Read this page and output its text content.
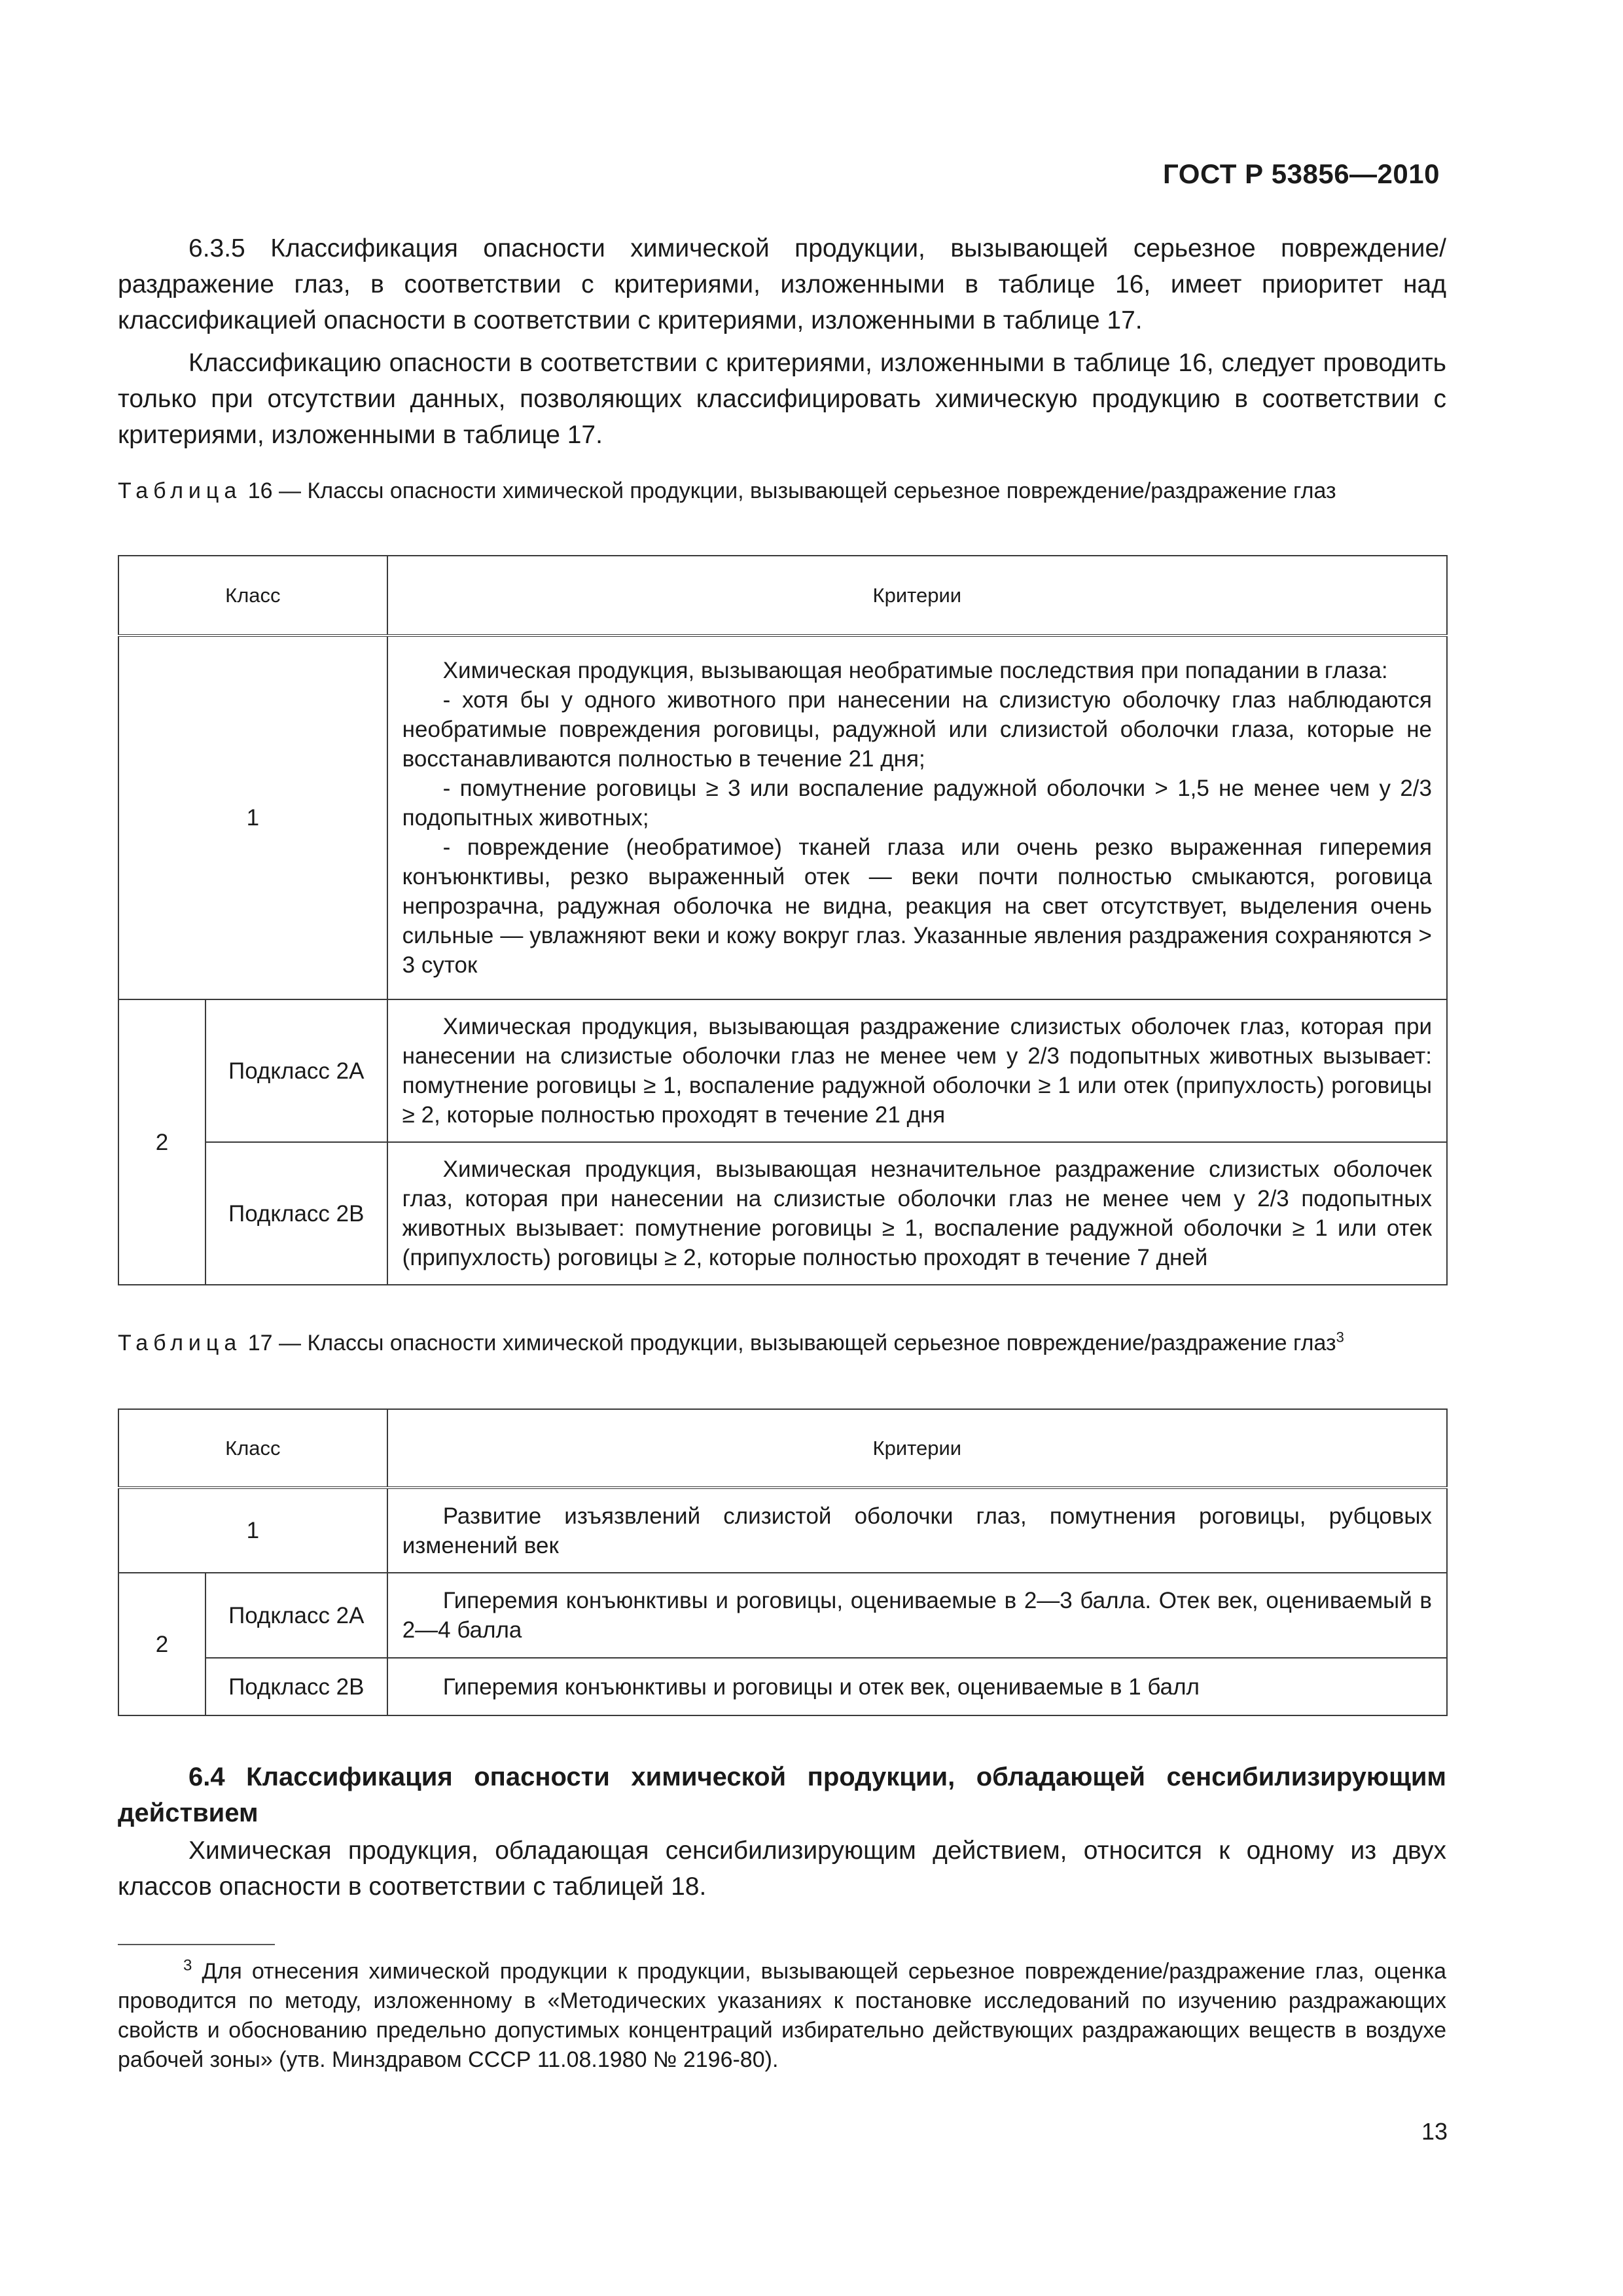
ГОСТ Р 53856—2010

6.3.5 Классификация опасности химической продукции, вызывающей серьезное повреждение/раздражение глаз, в соответствии с критериями, изложенными в таблице 16, имеет приоритет над классификацией опасности в соответствии с критериями, изложенными в таблице 17.

Классификацию опасности в соответствии с критериями, изложенными в таблице 16, следует проводить только при отсутствии данных, позволяющих классифицировать химическую продукцию в соответствии с критериями, изложенными в таблице 17.

Таблица 16 — Классы опасности химической продукции, вызывающей серьезное повреждение/раздражение глаз
Класс		Критерии
1		Химическая продукция, вызывающая необратимые последствия при попадании в глаза:

- хотя бы у одного животного при нанесении на слизистую оболочку глаз наблюдаются необратимые повреждения роговицы, радужной или слизистой оболочки глаза, которые не восстанавливаются полностью в течение 21 дня;

- помутнение роговицы ≥ 3 или воспаление радужной оболочки > 1,5 не менее чем у 2/3 подопытных животных;

- повреждение (необратимое) тканей глаза или очень резко выраженная гиперемия конъюнктивы, резко выраженный отек — веки почти полностью смыкаются, роговица непрозрачна, радужная оболочка не видна, реакция на свет отсутствует, выделения очень сильные — увлажняют веки и кожу вокруг глаз. Указанные явления раздражения сохраняются > 3 суток

2	Подкласс 2А	Химическая продукция, вызывающая раздражение слизистых оболочек глаз, которая при нанесении на слизистые оболочки глаз не менее чем у 2/3 подопытных животных вызывает: помутнение роговицы ≥ 1, воспаление радужной оболочки ≥ 1 или отек (припухлость) роговицы ≥ 2, которые полностью проходят в течение 21 дня

	Подкласс 2В	Химическая продукция, вызывающая незначительное раздражение слизистых оболочек глаз, которая при нанесении на слизистые оболочки глаз не менее чем у 2/3 подопытных животных вызывает: помутнение роговицы ≥ 1, воспаление радужной оболочки ≥ 1 или отек (припухлость) роговицы ≥ 2, которые полностью проходят в течение 7 дней

Таблица 17 — Классы опасности химической продукции, вызывающей серьезное повреждение/раздражение глаз$^3$
Класс		Критерии
1		Развитие изъязвлений слизистой оболочки глаз, помутнения роговицы, рубцовых изменений век

2	Подкласс 2А	Гиперемия конъюнктивы и роговицы, оцениваемые в 2—3 балла. Отек век, оцениваемый в 2—4 балла

	Подкласс 2В	Гиперемия конъюнктивы и роговицы и отек век, оцениваемые в 1 балл

6.4 Классификация опасности химической продукции, обладающей сенсибилизирующим действием

Химическая продукция, обладающая сенсибилизирующим действием, относится к одному из двух классов опасности в соответствии с таблицей 18.

$^3$ Для отнесения химической продукции к продукции, вызывающей серьезное повреждение/раздражение глаз, оценка проводится по методу, изложенному в «Методических указаниях к постановке исследований по изучению раздражающих свойств и обоснованию предельно допустимых концентраций избирательно действующих раздражающих веществ в воздухе рабочей зоны» (утв. Минздравом СССР 11.08.1980 № 2196-80).
13
